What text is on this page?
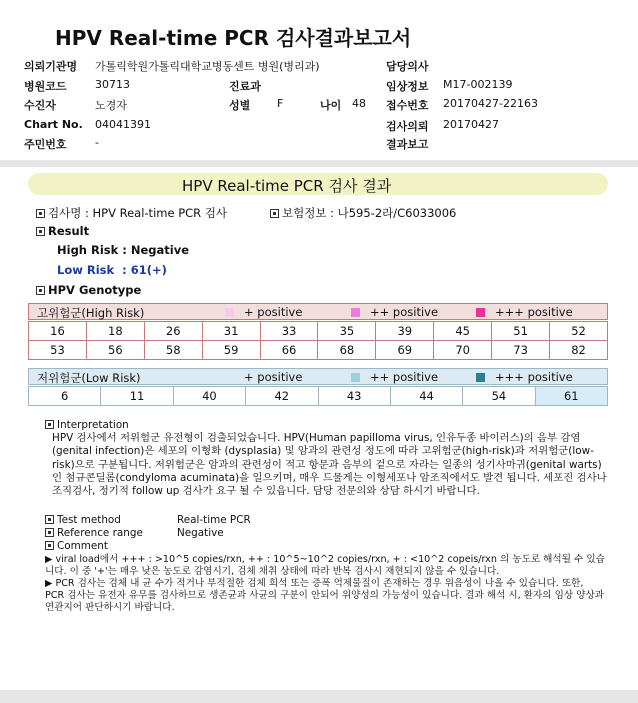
HPV Real-time PCR 검사결과보고서
의뢰기관명 가톨릭학원가톨릭대학교병동센트 병원(병리과)
병원코드	30713
수진자	노경자
Chart No. 04041391
주민번호	-
진료과
성별 F	나이 48
담당의사
임상정보 M17-002139
접수번호 20170427-22163
검사의뢰 20170427
결과보고
HPV Real-time PCR 검사 결과
검사명 : HPV Real-time PCR 검사	보험정보 : 나595-2라/C6033006
Result
High Risk : Negative
Low Risk  : 61(+)
HPV Genotype
고위험군(High Risk)	+ positive	++ positive	+++ positive
16	18	26	31	33	35	39	45	51	52
53	56	58	59	66	68	69	70	73	82
저위험군(Low Risk)	+ positive	++ positive	+++ positive
6	11	40	42	43	44	54	61
Interpretation
HPV 검사에서 저위험군 유전형이 검출되었습니다. HPV(Human papilloma virus, 인유두종 바이러스)의 음부 감염(genital infection)은 세포의 이형화 (dysplasia) 및 암과의 관련성 정도에 따라 고위험군(high-risk)과 저위험군(low-risk)으로 구분됩니다. 저위험군은 암과의 관련성이 적고 항문과 음부의 겉으로 자라는 일종의 성기사마귀(genital warts)인 첨규콘딜롬(condyloma acuminata)을 일으키며, 매우 드물게는 이형세포나 암조직에서도 발견 됩니다. 세포진 검사나 조직검사, 정기적 follow up 검사가 요구 될 수 있읍니다. 담당 전문의와 상담 하시기 바랍니다.
Test method	Real-time PCR
Reference range	Negative
Comment
▶ viral load에서 +++ : >10^5 copies/rxn, ++ : 10^5~10^2 copies/rxn, + : <10^2 copeis/rxn 의 농도로 해석될 수 있습니다. 이 중 '+'는 매우 낮은 농도로 감염시기, 검체 채취 상태에 따라 반복 검사시 재현되지 않을 수 있습니다.
▶ PCR 검사는 검체 내 균 수가 적거나 부적절한 검체 희석 또는 증폭 억제물질이 존재하는 경우 위음성이 나올 수 있습니다. 또한, PCR 검사는 유전자 유무를 검사하므로 생존균과 사균의 구분이 안되어 위양성의 가능성이 있습니다. 결과 해석 시, 환자의 임상 양상과 연관지어 판단하시기 바랍니다.
